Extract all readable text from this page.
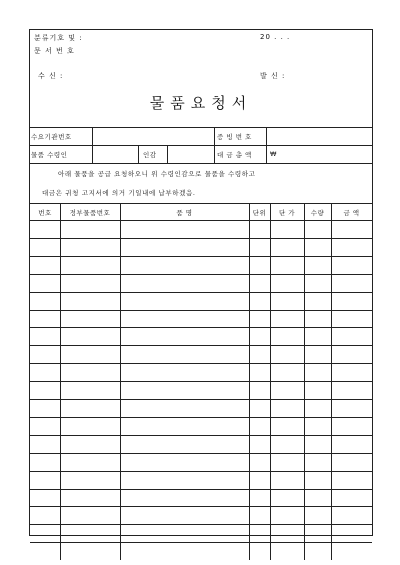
분류기호 및 :	20 . . .
문 서 번 호
수 신 :	발 신 :
물품요청서
수요기관번호	증 빙 번 호
물품 수령인	인감	대 금 총 액	₩
아래 물품을 공급 요청하오니 위 수령인감으로 물품을 수령하고
대금은 귀청 고지서에 의거 기일내에 납부하겠음.
번호	정부물품번호	품 명	단위	단 가	수량	금 액
